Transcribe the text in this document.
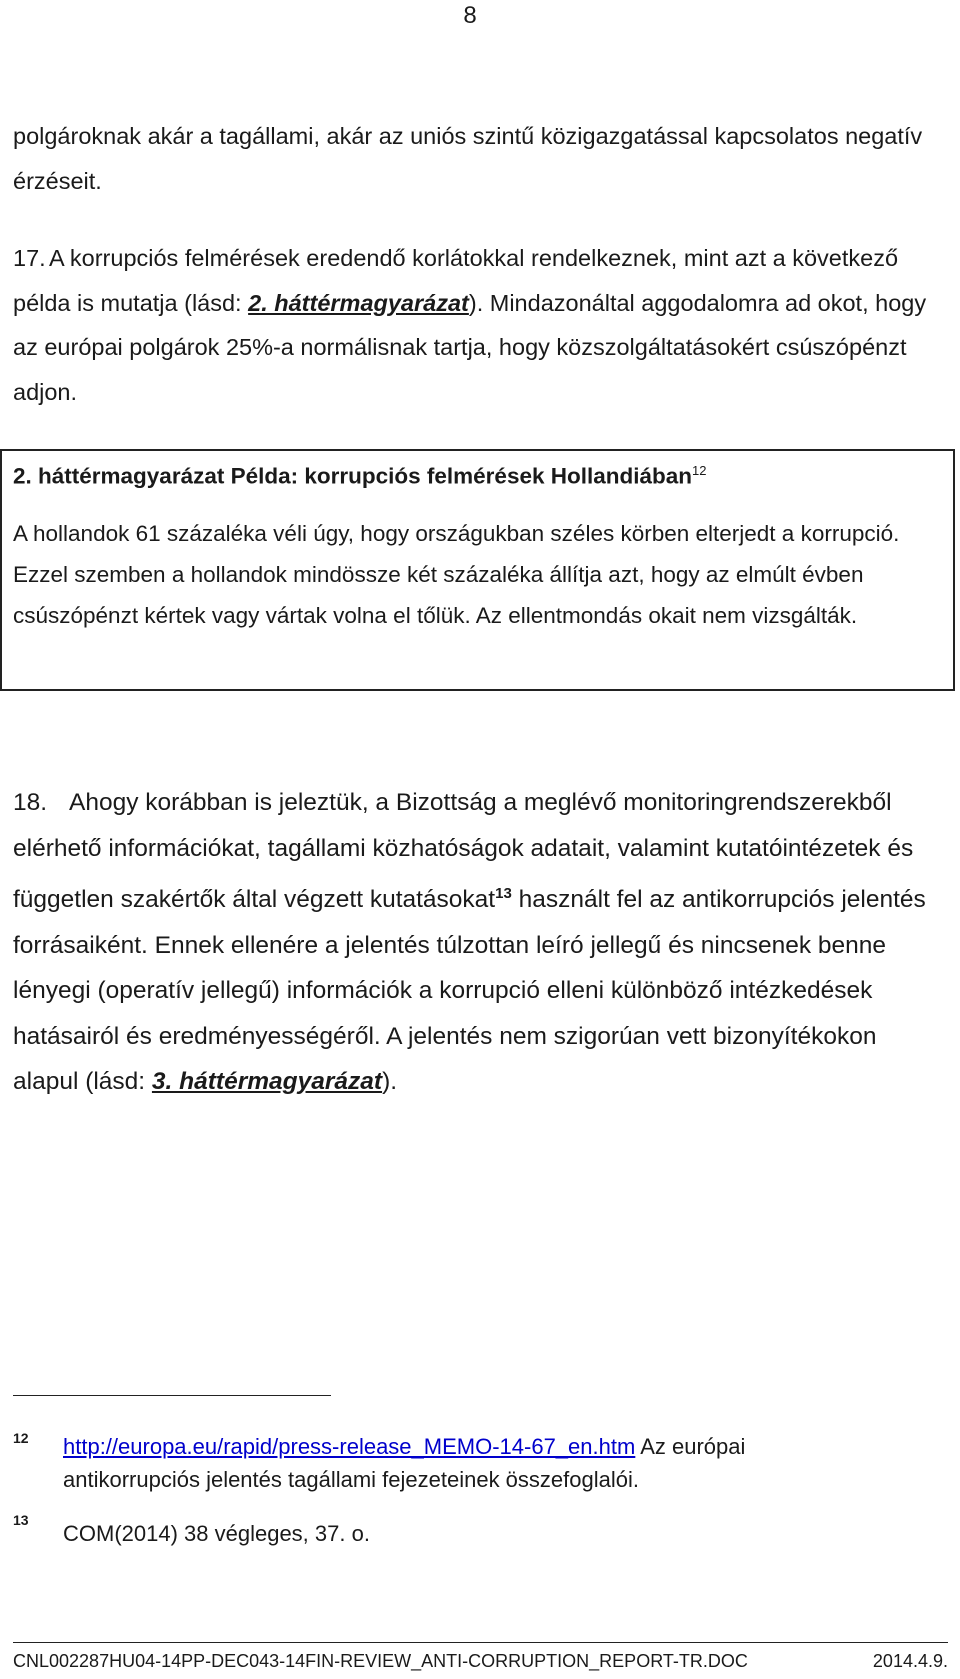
8

polgároknak akár a tagállami, akár az uniós szintű közigazgatással kapcsolatos negatív érzéseit.

17. A korrupciós felmérések eredendő korlátokkal rendelkeznek, mint azt a következő példa is mutatja (lásd: 2. háttérmagyarázat). Mindazonáltal aggodalomra ad okot, hogy az európai polgárok 25%-a normálisnak tartja, hogy közszolgáltatásokért csúszópénzt adjon.

2. háttérmagyarázat Példa: korrupciós felmérések Hollandiában$^{12}$

A hollandok 61 százaléka véli úgy, hogy országukban széles körben elterjedt a korrupció. Ezzel szemben a hollandok mindössze két százaléka állítja azt, hogy az elmúlt évben csúszópénzt kértek vagy vártak volna el tőlük. Az ellentmondás okait nem vizsgálták.

18. Ahogy korábban is jeleztük, a Bizottság a meglévő monitoringrendszerekből elérhető információkat, tagállami közhatóságok adatait, valamint kutatóintézetek és független szakértők által végzett kutatásokat$^{13}$ használt fel az antikorrupciós jelentés forrásaiként. Ennek ellenére a jelentés túlzottan leíró jellegű és nincsenek benne lényegi (operatív jellegű) információk a korrupció elleni különböző intézkedések hatásairól és eredményességéről. A jelentés nem szigorúan vett bizonyítékokon alapul (lásd: 3. háttérmagyarázat).

12 http://europa.eu/rapid/press-release_MEMO-14-67_en.htm Az európai antikorrupciós jelentés tagállami fejezeteinek összefoglalói.

13
COM(2014) 38 végleges, 37. o.
CNL002287HU04-14PP-DEC043-14FIN-REVIEW_ANTI-CORRUPTION_REPORT-TR.DOC	2014.4.9.
